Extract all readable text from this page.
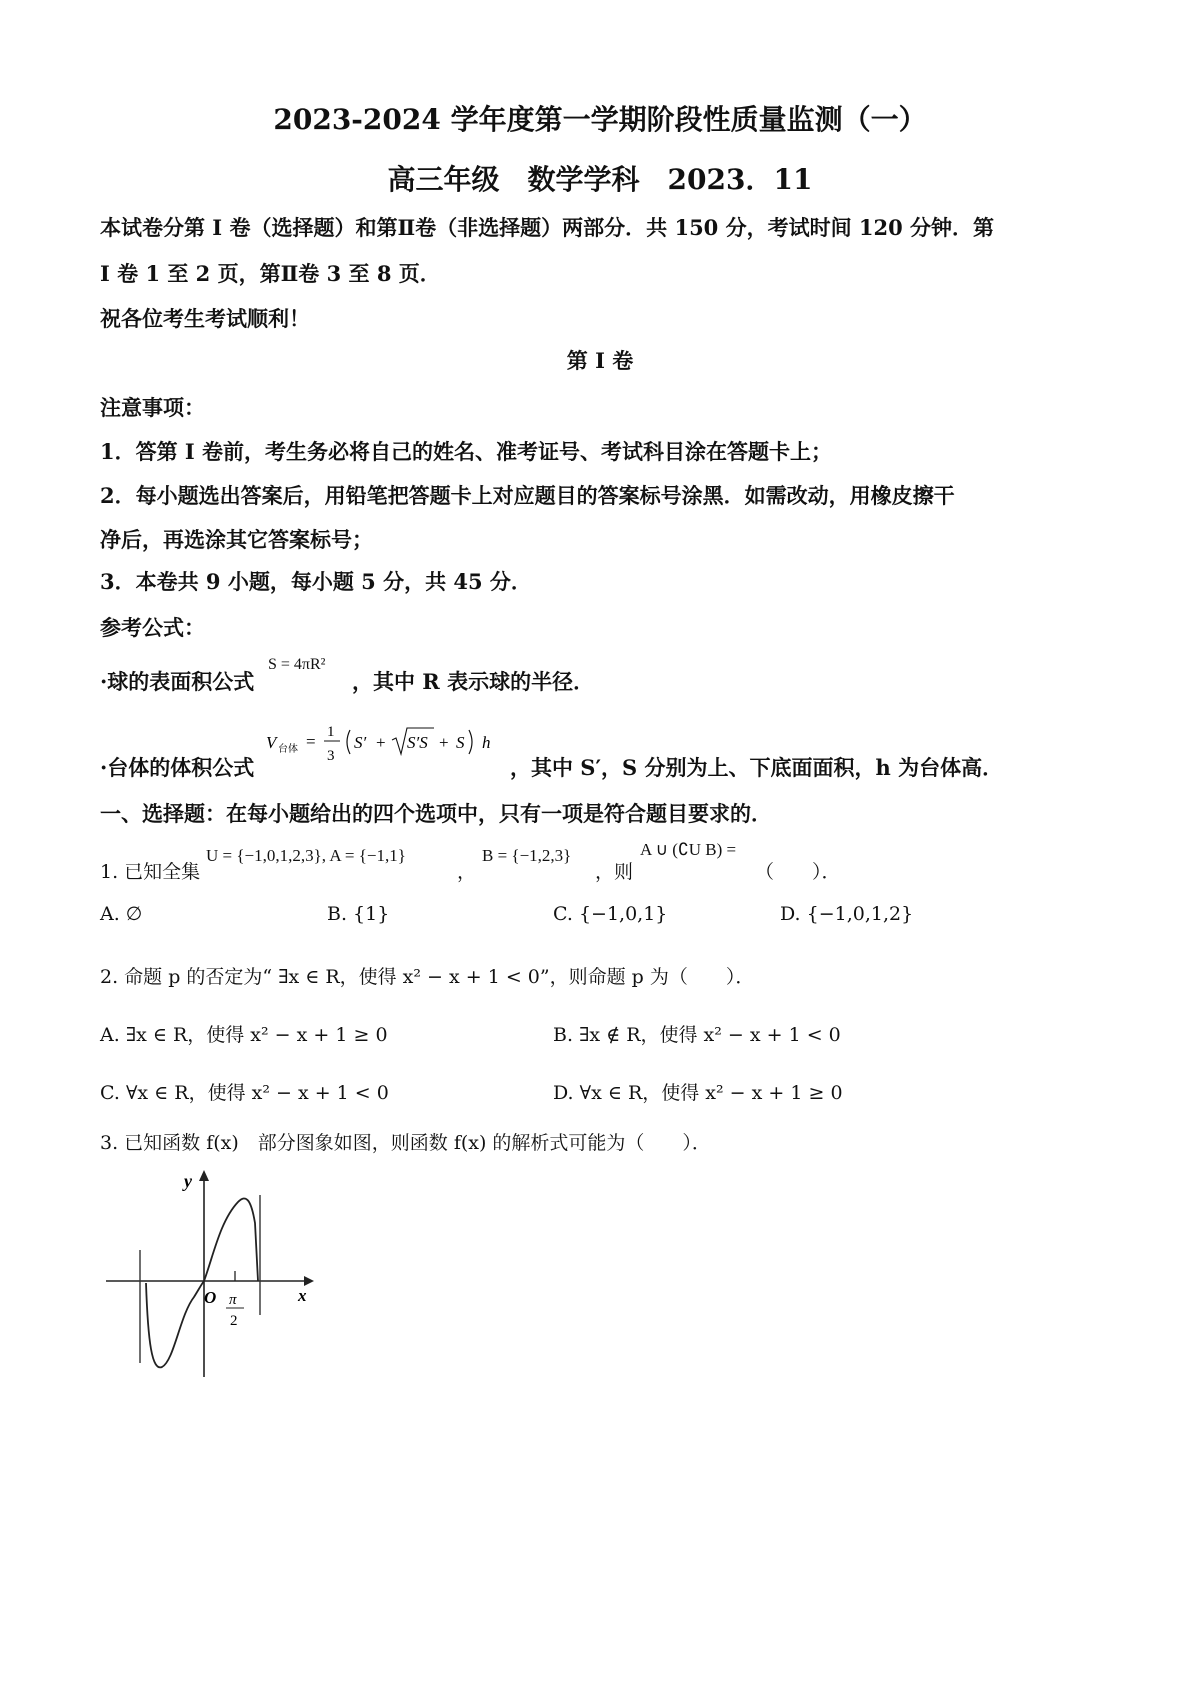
2023-2024 学年度第一学期阶段性质量监测（一）
高三年级　数学学科　2023．11
本试卷分第 I 卷（选择题）和第Ⅱ卷（非选择题）两部分．共 150 分，考试时间 120 分钟．第
I 卷 1 至 2 页，第Ⅱ卷 3 至 8 页．
祝各位考生考试顺利！
第 I 卷
注意事项：
1．答第 I 卷前，考生务必将自己的姓名、准考证号、考试科目涂在答题卡上；
2．每小题选出答案后，用铅笔把答题卡上对应题目的答案标号涂黑．如需改动，用橡皮擦干
净后，再选涂其它答案标号；
3．本卷共 9 小题，每小题 5 分，共 45 分．
参考公式：
·球的表面积公式
S = 4πR²
，其中 R 表示球的半径．
·台体的体积公式
V 台体 = 1
3
S′ + S′S + S h
，其中 S′，S 分别为上、下底面面积，h 为台体高．
一、选择题：在每小题给出的四个选项中，只有一项是符合题目要求的．
1. 已知全集
U = {−1,0,1,2,3}, A = {−1,1}
，
B = {−1,2,3}
，则
A ∪ (∁U B) =
（　　）．
A. ∅	B. {1}	C. {−1,0,1}	D. {−1,0,1,2}
2. 命题 p 的否定为“ ∃x ∈ R，使得 x² − x + 1 < 0”，则命题 p 为（　　）．
A. ∃x ∈ R，使得 x² − x + 1 ≥ 0	B. ∃x ∉ R，使得 x² − x + 1 < 0
C. ∀x ∈ R，使得 x² − x + 1 < 0	D. ∀x ∈ R，使得 x² − x + 1 ≥ 0
3. 已知函数 f(x)　部分图象如图，则函数 f(x) 的解析式可能为（　　）．
y
x
O π
2
